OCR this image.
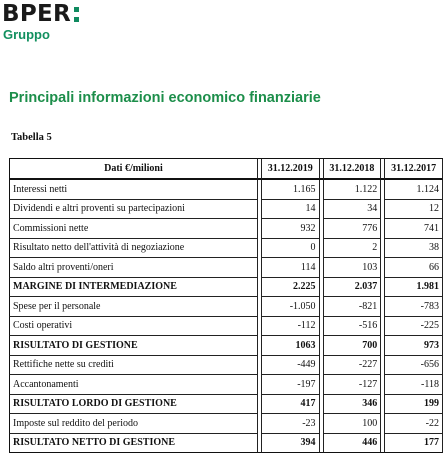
BPER
Gruppo
Principali informazioni economico finanziarie
Tabella 5
Dati €/milioni		31.12.2019		31.12.2018		31.12.2017
Interessi netti		1.165		1.122		1.124
Dividendi e altri proventi su partecipazioni		14		34		12
Commissioni nette		932		776		741
Risultato netto dell'attività di negoziazione		0		2		38
Saldo altri proventi/oneri		114		103		66
MARGINE DI INTERMEDIAZIONE		2.225		2.037		1.981
Spese per il personale		-1.050		-821		-783
Costi operativi		-112		-516		-225
RISULTATO DI GESTIONE		1063		700		973
Rettifiche nette su crediti		-449		-227		-656
Accantonamenti		-197		-127		-118
RISULTATO LORDO DI GESTIONE		417		346		199
Imposte sul reddito del periodo		-23		100		-22
RISULTATO NETTO DI GESTIONE		394		446		177
